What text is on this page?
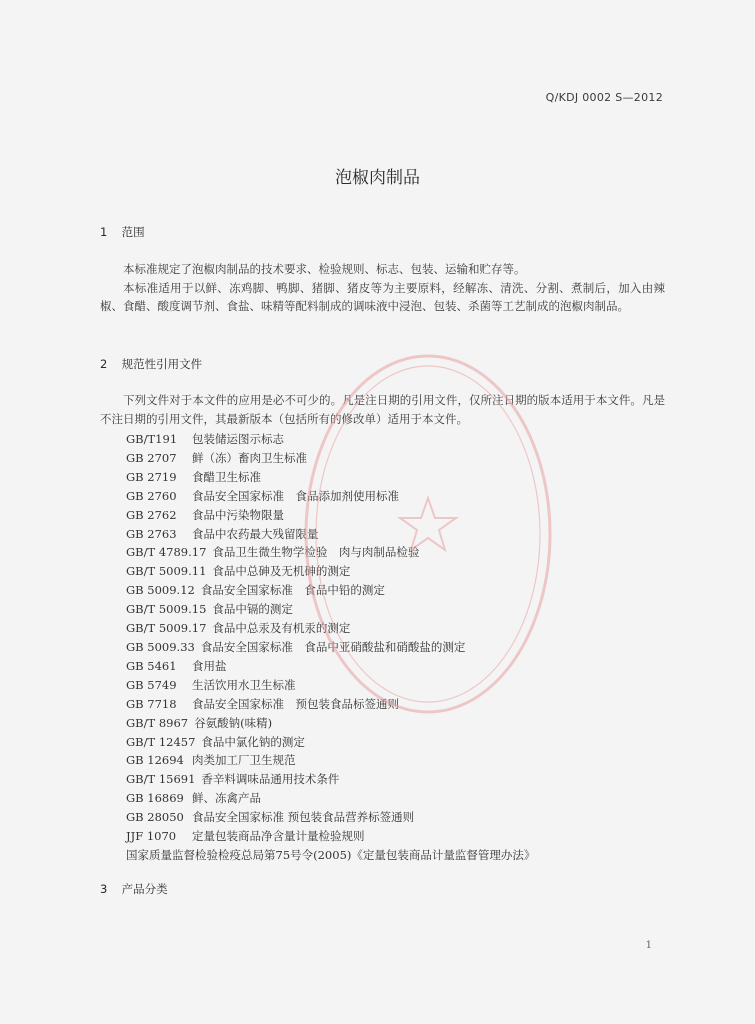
Q/KDJ 0002 S—2012
泡椒肉制品
1 范围

本标准规定了泡椒肉制品的技术要求、检验规则、标志、包装、运输和贮存等。

本标准适用于以鲜、冻鸡脚、鸭脚、猪脚、猪皮等为主要原料，经解冻、清洗、分割、煮制后，加入由辣椒、食醋、酸度调节剂、食盐、味精等配料制成的调味液中浸泡、包装、杀菌等工艺制成的泡椒肉制品。

2 规范性引用文件

下列文件对于本文件的应用是必不可少的。凡是注日期的引用文件，仅所注日期的版本适用于本文件。凡是不注日期的引用文件，其最新版本（包括所有的修改单）适用于本文件。

GB/T191 包装储运图示标志
GB 2707 鲜（冻）畜肉卫生标准
GB 2719 食醋卫生标准
GB 2760 食品安全国家标准　食品添加剂使用标准
GB 2762 食品中污染物限量
GB 2763 食品中农药最大残留限量
GB/T 4789.17 食品卫生微生物学检验　肉与肉制品检验
GB/T 5009.11 食品中总砷及无机砷的测定
GB 5009.12 食品安全国家标准　食品中铅的测定
GB/T 5009.15 食品中镉的测定
GB/T 5009.17 食品中总汞及有机汞的测定
GB 5009.33 食品安全国家标准　食品中亚硝酸盐和硝酸盐的测定
GB 5461 食用盐
GB 5749 生活饮用水卫生标准
GB 7718 食品安全国家标准　预包装食品标签通则
GB/T 8967 谷氨酸钠(味精)
GB/T 12457 食品中氯化钠的测定
GB 12694 肉类加工厂卫生规范
GB/T 15691 香辛料调味品通用技术条件
GB 16869 鲜、冻禽产品
GB 28050 食品安全国家标准 预包装食品营养标签通则
JJF 1070 定量包装商品净含量计量检验规则
国家质量监督检验检疫总局第75号令(2005)《定量包装商品计量监督管理办法》
3 产品分类
1
